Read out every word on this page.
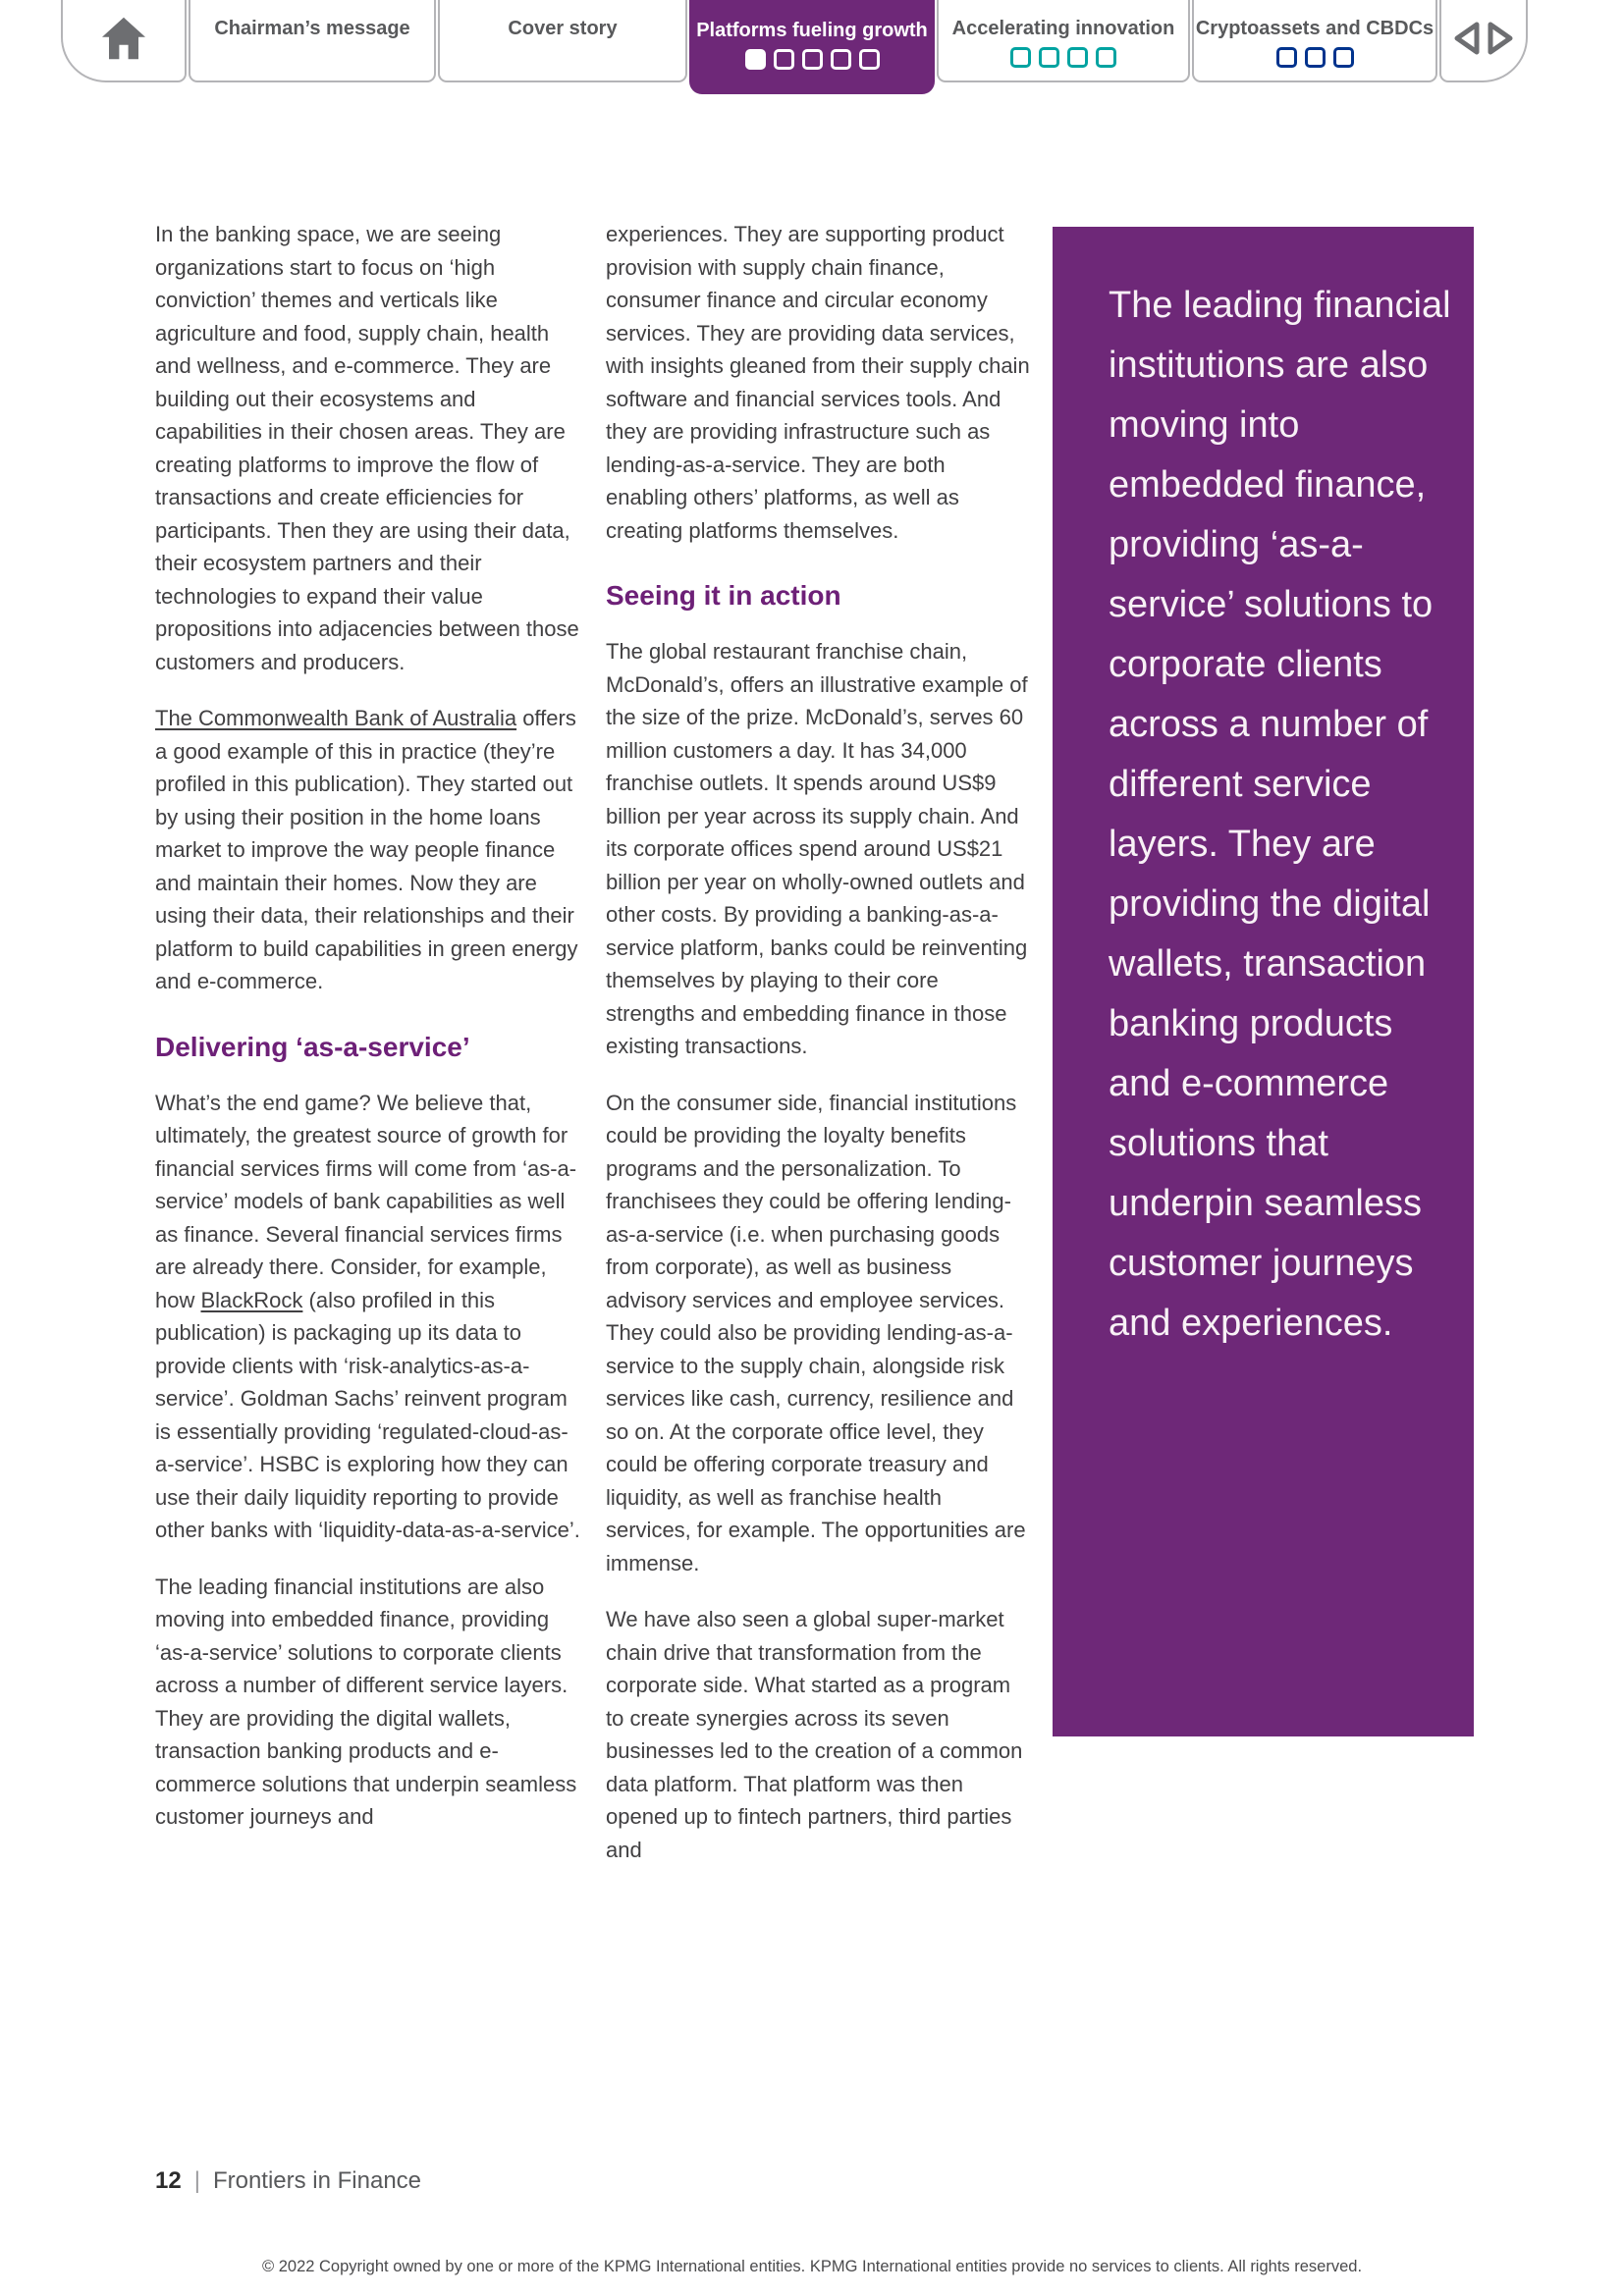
Chairman’s message	Cover story	Platforms fueling growth Accelerating innovation Cryptoassets and CBDCs

In the banking space, we are seeing organizations start to focus on ‘high conviction’ themes and verticals like agriculture and food, supply chain, health and wellness, and e-commerce. They are building out their ecosystems and capabilities in their chosen areas. They are creating platforms to improve the flow of transactions and create efficiencies for participants. Then they are using their data, their ecosystem partners and their technologies to expand their value propositions into adjacencies between those customers and producers.

The Commonwealth Bank of Australia offers a good example of this in practice (they’re profiled in this publication). They started out by using their position in the home loans market to improve the way people finance and maintain their homes. Now they are using their data, their relationships and their platform to build capabilities in green energy and e-commerce.

Delivering ‘as-a-service’

What’s the end game? We believe that, ultimately, the greatest source of growth for financial services firms will come from ‘as-a-service’ models of bank capabilities as well as finance. Several financial services firms are already there. Consider, for example, how BlackRock (also profiled in this publication) is packaging up its data to provide clients with ‘risk-analytics-as-a-service’. Goldman Sachs’ reinvent program is essentially providing ‘regulated-cloud-as-a-service’. HSBC is exploring how they can use their daily liquidity reporting to provide other banks with ‘liquidity-data-as-a-service’.

The leading financial institutions are also moving into embedded finance, providing ‘as-a-service’ solutions to corporate clients across a number of different service layers. They are providing the digital wallets, transaction banking products and e-commerce solutions that underpin seamless customer journeys and

experiences. They are supporting product provision with supply chain finance, consumer finance and circular economy services. They are providing data services, with insights gleaned from their supply chain software and financial services tools. And they are providing infrastructure such as lending-as-a-service. They are both enabling others’ platforms, as well as creating platforms themselves.

Seeing it in action

The global restaurant franchise chain, McDonald’s, offers an illustrative example of the size of the prize. McDonald’s, serves 60 million customers a day. It has 34,000 franchise outlets. It spends around US$9 billion per year across its supply chain. And its corporate offices spend around US$21 billion per year on wholly-owned outlets and other costs. By providing a banking-as-a-service platform, banks could be reinventing themselves by playing to their core strengths and embedding finance in those existing transactions.

On the consumer side, financial institutions could be providing the loyalty benefits programs and the personalization. To franchisees they could be offering lending-as-a-service (i.e. when purchasing goods from corporate), as well as business advisory services and employee services. They could also be providing lending-as-a-service to the supply chain, alongside risk services like cash, currency, resilience and so on. At the corporate office level, they could be offering corporate treasury and liquidity, as well as franchise health services, for example. The opportunities are immense.

We have also seen a global super-market chain drive that transformation from the corporate side. What started as a program to create synergies across its seven businesses led to the creation of a common data platform. That platform was then opened up to fintech partners, third parties and

The leading financial institutions are also moving into embedded finance, providing ‘as-a-service’ solutions to corporate clients across a number of different service layers. They are providing the digital wallets, transaction banking products and e-commerce solutions that underpin seamless customer journeys and experiences.

12 | Frontiers in Finance
© 2022 Copyright owned by one or more of the KPMG International entities. KPMG International entities provide no services to clients. All rights reserved.
